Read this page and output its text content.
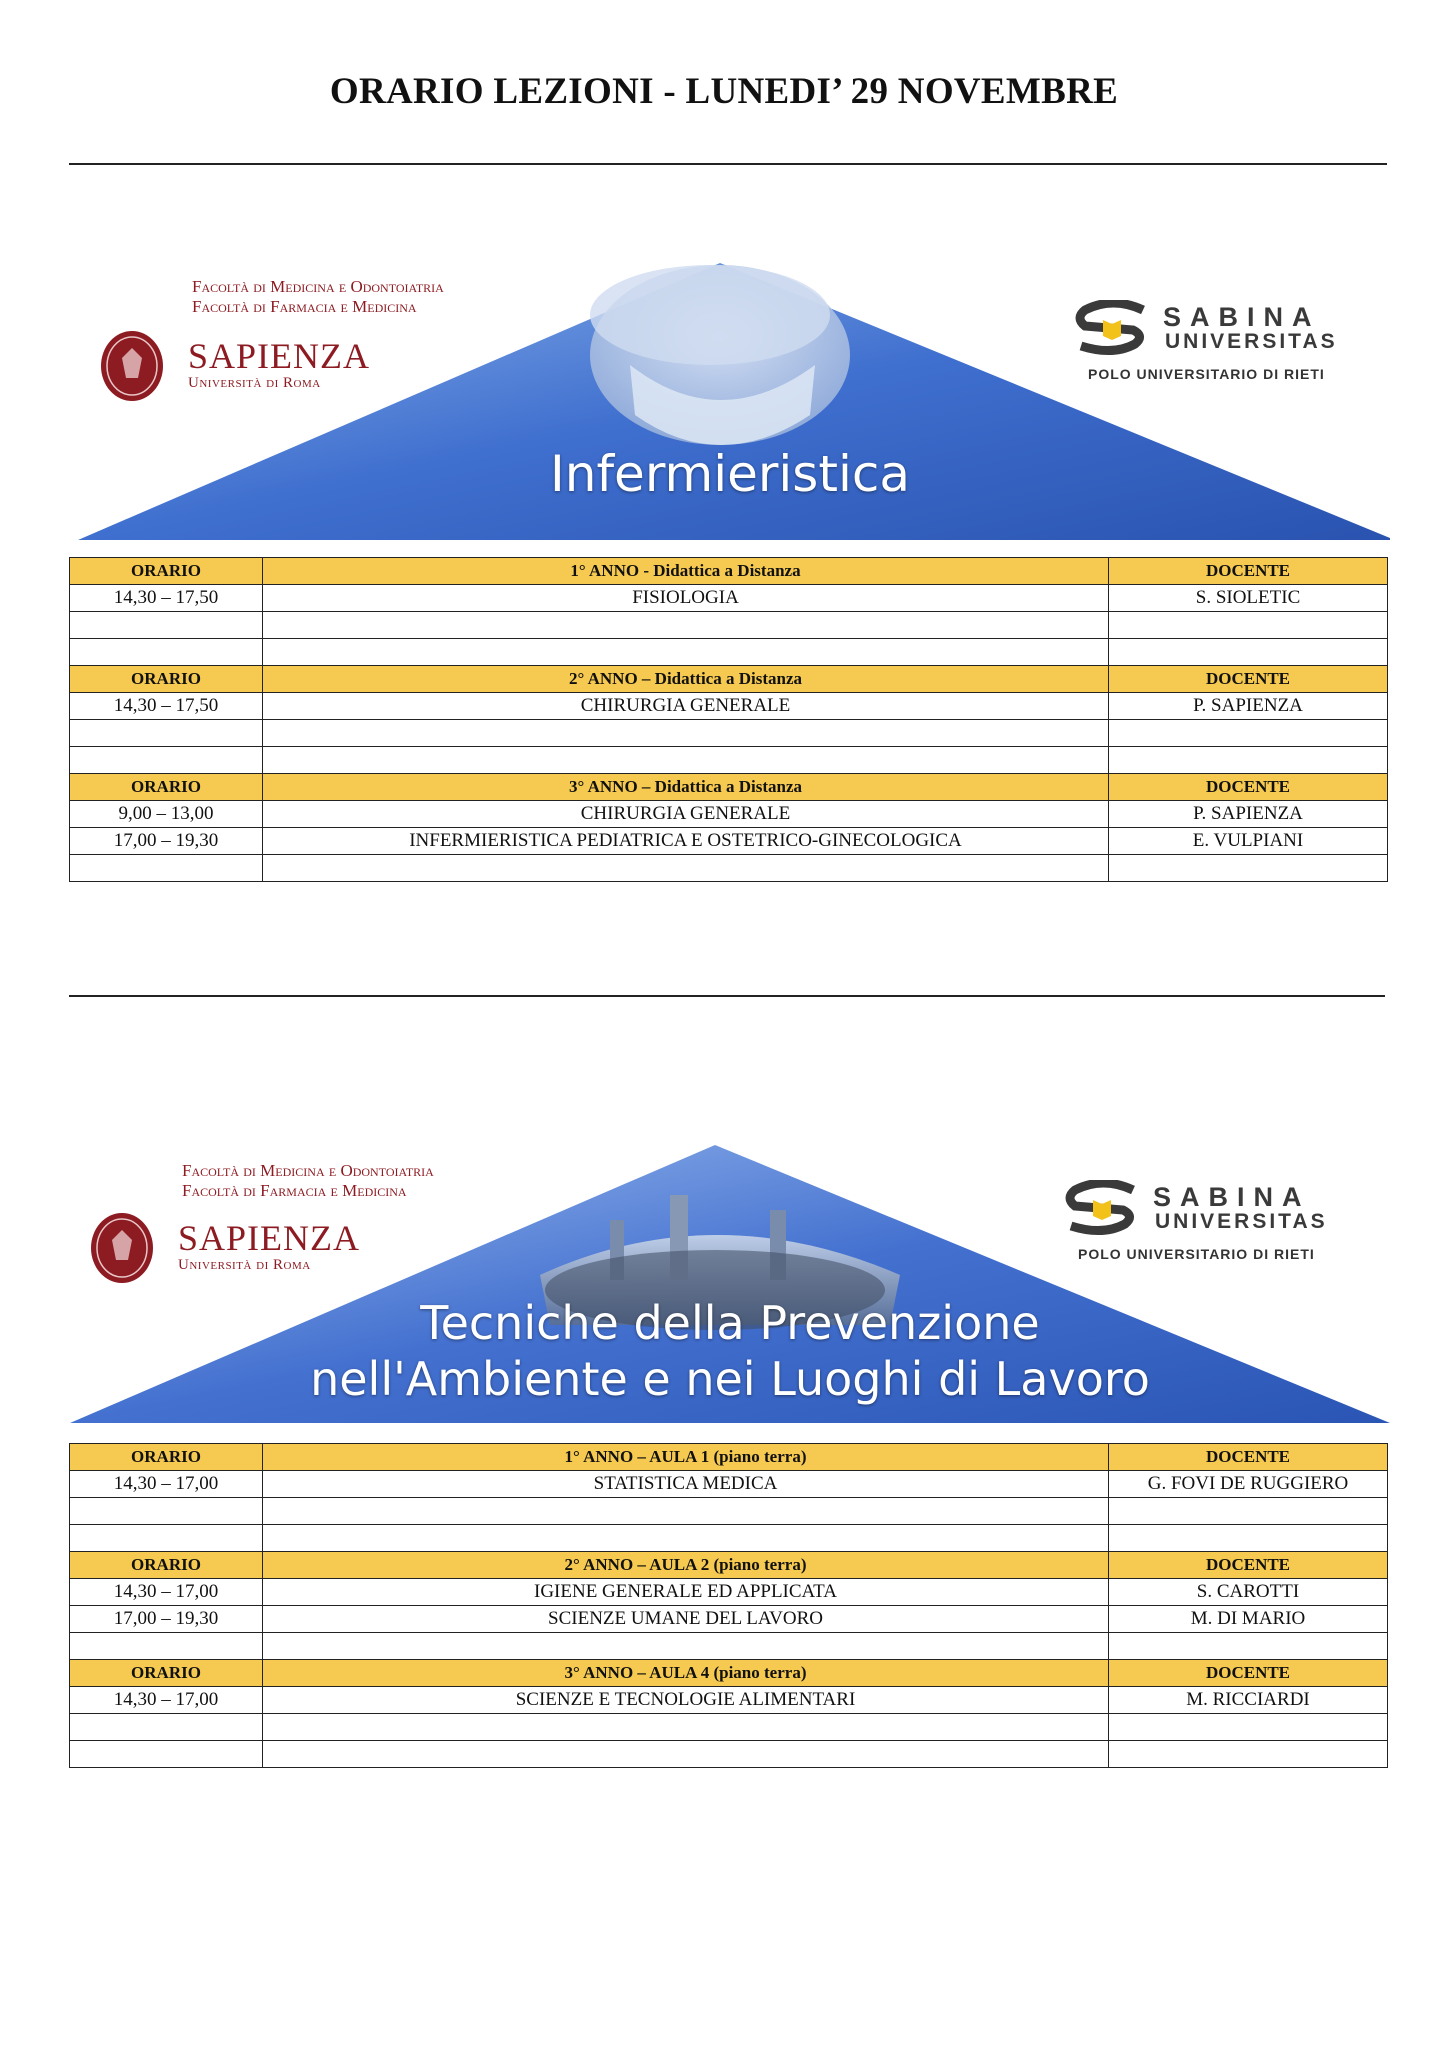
ORARIO LEZIONI - LUNEDI’ 29 NOVEMBRE
Facoltà di Medicina e Odontoiatria
Facoltà di Farmacia e Medicina
SAPIENZA
Università di Roma
SABINA
UNIVERSITAS
POLO UNIVERSITARIO DI RIETI
Infermieristica
ORARIO	1° ANNO - Didattica a Distanza	DOCENTE
14,30 – 17,50	FISIOLOGIA	S. SIOLETIC

ORARIO	2° ANNO – Didattica a Distanza	DOCENTE
14,30 – 17,50	CHIRURGIA GENERALE	P. SAPIENZA

ORARIO	3° ANNO – Didattica a Distanza	DOCENTE
9,00 – 13,00	CHIRURGIA GENERALE	P. SAPIENZA
17,00 – 19,30	INFERMIERISTICA PEDIATRICA E OSTETRICO-GINECOLOGICA	E. VULPIANI

Facoltà di Medicina e Odontoiatria
Facoltà di Farmacia e Medicina
SAPIENZA
Università di Roma
SABINA
UNIVERSITAS
POLO UNIVERSITARIO DI RIETI
Tecniche della Prevenzione
nell'Ambiente e nei Luoghi di Lavoro
ORARIO	1° ANNO – AULA 1 (piano terra)	DOCENTE
14,30 – 17,00	STATISTICA MEDICA	G. FOVI DE RUGGIERO

ORARIO	2° ANNO – AULA 2 (piano terra)	DOCENTE
14,30 – 17,00	IGIENE GENERALE ED APPLICATA	S. CAROTTI
17,00 – 19,30	SCIENZE UMANE DEL LAVORO	M. DI MARIO

ORARIO	3° ANNO – AULA 4 (piano terra)	DOCENTE
14,30 – 17,00	SCIENZE E TECNOLOGIE ALIMENTARI	M. RICCIARDI
